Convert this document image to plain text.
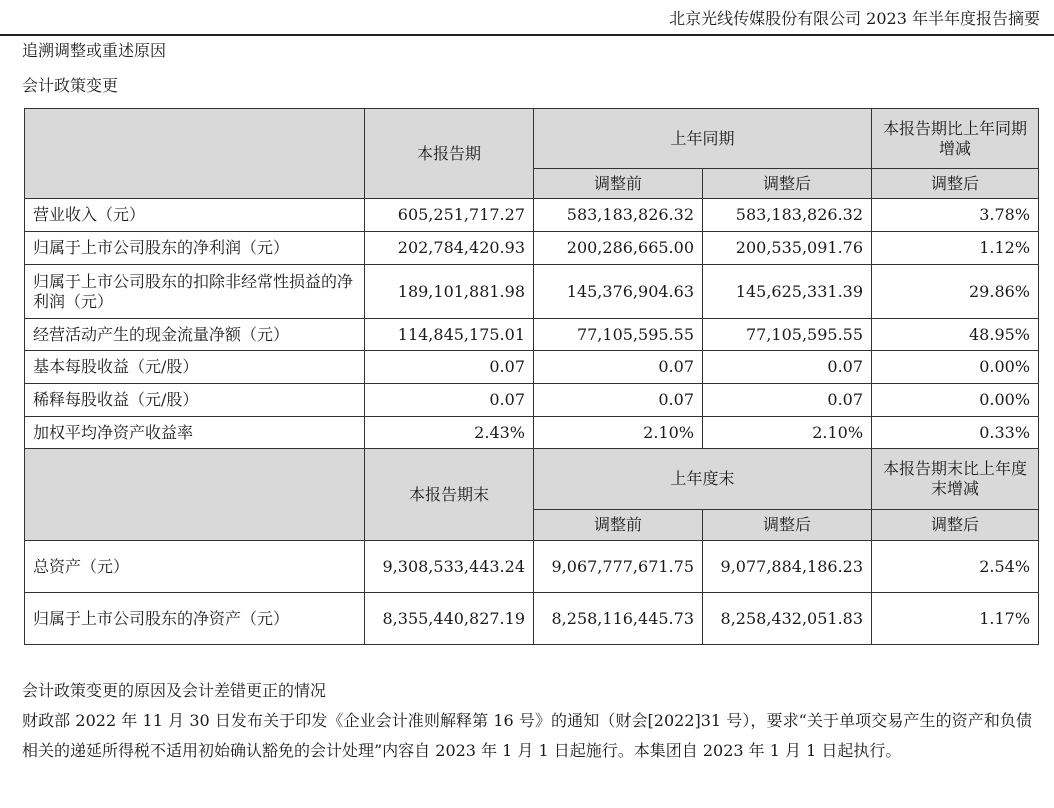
北京光线传媒股份有限公司 2023 年半年度报告摘要
追溯调整或重述原因
会计政策变更
	本报告期	上年同期		本报告期比上年同期增减
		调整前	调整后	调整后
营业收入（元）	605,251,717.27	583,183,826.32	583,183,826.32	3.78%
归属于上市公司股东的净利润（元）	202,784,420.93	200,286,665.00	200,535,091.76	1.12%
归属于上市公司股东的扣除非经常性损益的净利润（元）	189,101,881.98	145,376,904.63	145,625,331.39	29.86%
经营活动产生的现金流量净额（元）	114,845,175.01	77,105,595.55	77,105,595.55	48.95%
基本每股收益（元/股）	0.07	0.07	0.07	0.00%
稀释每股收益（元/股）	0.07	0.07	0.07	0.00%
加权平均净资产收益率	2.43%	2.10%	2.10%	0.33%
	本报告期末	上年度末		本报告期末比上年度末增减
		调整前	调整后	调整后
总资产（元）	9,308,533,443.24	9,067,777,671.75	9,077,884,186.23	2.54%
归属于上市公司股东的净资产（元）	8,355,440,827.19	8,258,116,445.73	8,258,432,051.83	1.17%
会计政策变更的原因及会计差错更正的情况
财政部 2022 年 11 月 30 日发布关于印发《企业会计准则解释第 16 号》的通知（财会[2022]31 号），要求“关于单项交易产生的资产和负债相关的递延所得税不适用初始确认豁免的会计处理”内容自 2023 年 1 月 1 日起施行。本集团自 2023 年 1 月 1 日起执行。
